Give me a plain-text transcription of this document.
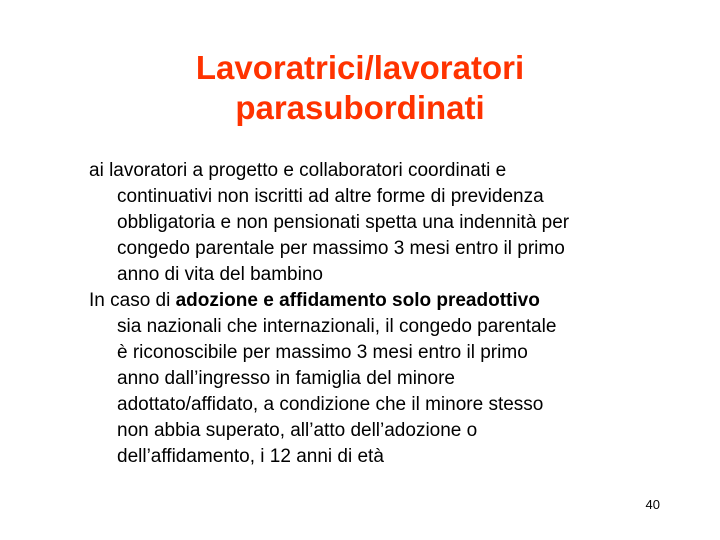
Lavoratrici/lavoratori
parasubordinati
ai lavoratori a progetto e collaboratori coordinati e
continuativi non iscritti ad altre forme di previdenza
obbligatoria e non pensionati spetta una indennità per
congedo parentale per massimo 3 mesi entro il primo
anno di vita del bambino
In caso di adozione e affidamento solo preadottivo
sia nazionali che internazionali, il congedo parentale
è riconoscibile per massimo 3 mesi entro il primo
anno dall’ingresso in famiglia del minore
adottato/affidato, a condizione che il minore stesso
non abbia superato, all’atto dell’adozione o
dell’affidamento, i 12 anni di età
40
